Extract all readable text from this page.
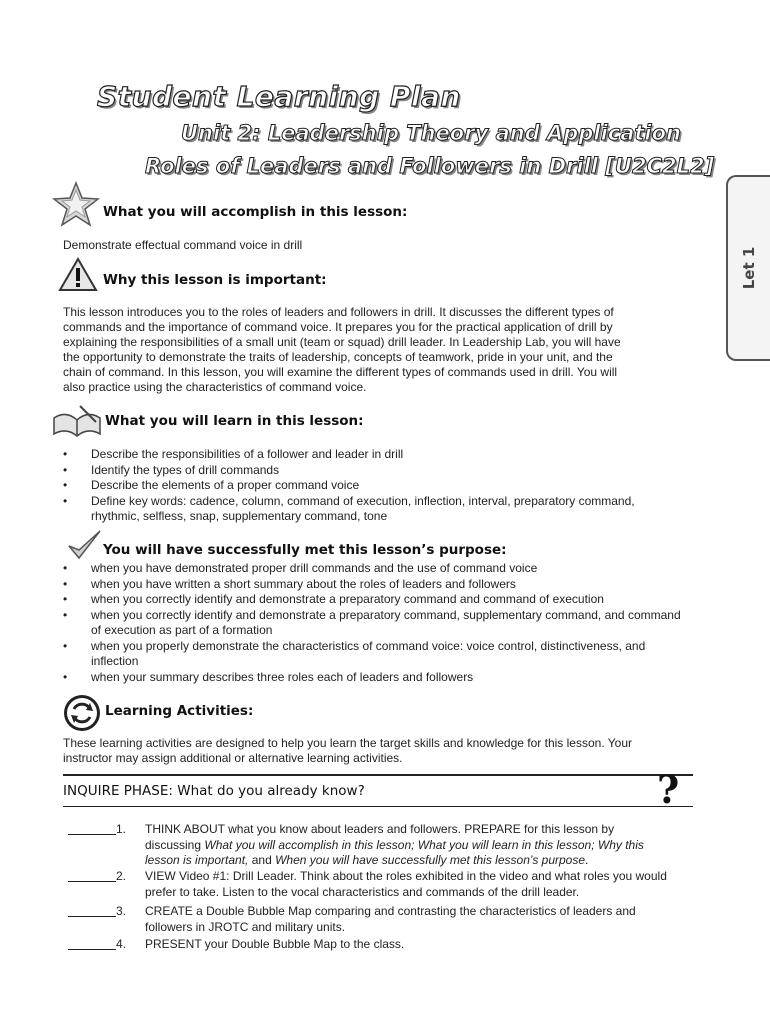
Student Learning Plan
Unit 2: Leadership Theory and Application
Roles of Leaders and Followers in Drill [U2C2L2]
Let 1
What you will accomplish in this lesson:
Demonstrate effectual command voice in drill
Why this lesson is important:
This lesson introduces you to the roles of leaders and followers in drill. It discusses the different types of
commands and the importance of command voice. It prepares you for the practical application of drill by
explaining the responsibilities of a small unit (team or squad) drill leader. In Leadership Lab, you will have
the opportunity to demonstrate the traits of leadership, concepts of teamwork, pride in your unit, and the
chain of command. In this lesson, you will examine the different types of commands used in drill. You will
also practice using the characteristics of command voice.
What you will learn in this lesson:
• Describe the responsibilities of a follower and leader in drill
• Identify the types of drill commands
• Describe the elements of a proper command voice
• Define key words: cadence, column, command of execution, inflection, interval, preparatory command, rhythmic, selfless, snap, supplementary command, tone
You will have successfully met this lesson’s purpose:
• when you have demonstrated proper drill commands and the use of command voice
• when you have written a short summary about the roles of leaders and followers
• when you correctly identify and demonstrate a preparatory command and command of execution
• when you correctly identify and demonstrate a preparatory command, supplementary command, and command of execution as part of a formation
• when you properly demonstrate the characteristics of command voice: voice control, distinctiveness, and inflection
• when your summary describes three roles each of leaders and followers
Learning Activities:
These learning activities are designed to help you learn the target skills and knowledge for this lesson. Your
instructor may assign additional or alternative learning activities.
INQUIRE PHASE: What do you already know?	?
1. THINK ABOUT what you know about leaders and followers. PREPARE for this lesson by
discussing What you will accomplish in this lesson; What you will learn in this lesson; Why this
lesson is important, and When you will have successfully met this lesson’s purpose.
2. VIEW Video #1: Drill Leader. Think about the roles exhibited in the video and what roles you would
prefer to take. Listen to the vocal characteristics and commands of the drill leader.
3. CREATE a Double Bubble Map comparing and contrasting the characteristics of leaders and
followers in JROTC and military units.
4. PRESENT your Double Bubble Map to the class.
